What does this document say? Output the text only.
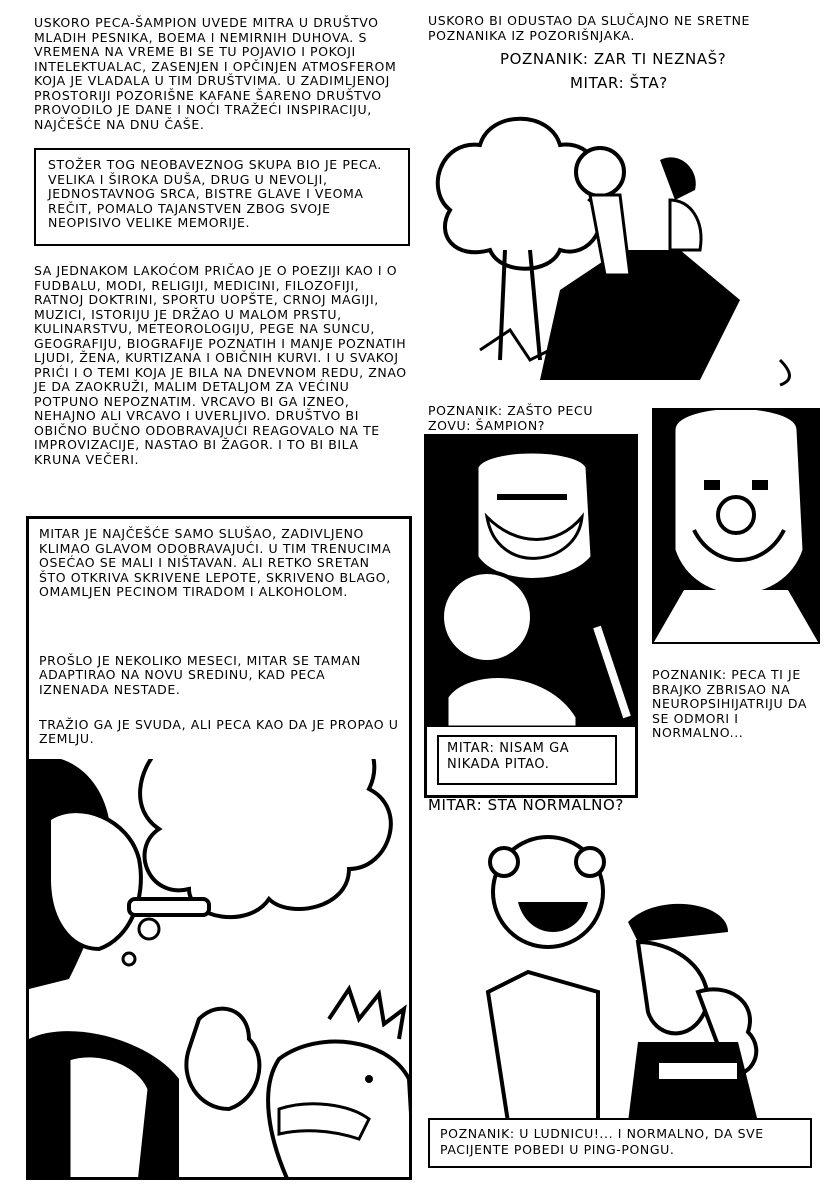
USKORO PECA-ŠAMPION UVEDE MITRA U DRUŠTVO MLADIH PESNIKA, BOEMA I NEMIRNIH DUHOVA. S VREMENA NA VREME BI SE TU POJAVIO I POKOJI INTELEKTUALAC, ZASENJEN I OPČINJEN ATMOSFEROM KOJA JE VLADALA U TIM DRUŠTVIMA. U ZADIMLJENOJ PROSTORIJI POZORIŠNE KAFANE ŠARENO DRUŠTVO PROVODILO JE DANE I NOĆI TRAŽEĆI INSPIRACIJU, NAJČEŠĆE NA DNU ČAŠE.
STOŽER TOG NEOBAVEZNOG SKUPA BIO JE PECA. VELIKA I ŠIROKA DUŠA, DRUG U NEVOLJI, JEDNOSTAVNOG SRCA, BISTRE GLAVE I VEOMA REČIT, POMALO TAJANSTVEN ZBOG SVOJE NEOPISIVO VELIKE MEMORIJE.
SA JEDNAKOM LAKOĆOM PRIČAO JE O POEZIJI KAO I O FUDBALU, MODI, RELIGIJI, MEDICINI, FILOZOFIJI, RATNOJ DOKTRINI, SPORTU UOPŠTE, CRNOJ MAGIJI, MUZICI, ISTORIJU JE DRŽAO U MALOM PRSTU, KULINARSTVU, METEOROLOGIJU, PEGE NA SUNCU, GEOGRAFIJU, BIOGRAFIJE POZNATIH I MANJE POZNATIH LJUDI, ŽENA, KURTIZANA I OBIČNIH KURVI. I U SVAKOJ PRIĆI I O TEMI KOJA JE BILA NA DNEVNOM REDU, ZNAO JE DA ZAOKRUŽI, MALIM DETALJOM ZA VEĆINU POTPUNO NEPOZNATIM. VRCAVO BI GA IZNEO, NEHAJNO ALI VRCAVO I UVERLJIVO. DRUŠTVO BI OBIČNO BUČNO ODOBRAVAJUĆI REAGOVALO NA TE IMPROVIZACIJE, NASTAO BI ŽAGOR. I TO BI BILA KRUNA VEČERI.
MITAR JE NAJČEŠĆE SAMO SLUŠAO, ZADIVLJENO KLIMAO GLAVOM ODOBRAVAJUĆI. U TIM TRENUCIMA OSEĆAO SE MALI I NIŠTAVAN. ALI RETKO SRETAN ŠTO OTKRIVA SKRIVENE LEPOTE, SKRIVENO BLAGO, OMAMLJEN PECINOM TIRADOM I ALKOHOLOM.

PROŠLO JE NEKOLIKO MESECI, MITAR SE TAMAN ADAPTIRAO NA NOVU SREDINU, KAD PECA IZNENADA NESTADE.

TRAŽIO GA JE SVUDA, ALI PECA KAO DA JE PROPAO U ZEMLJU.

USKORO BI ODUSTAO DA SLUČAJNO NE SRETNE POZNANIKA IZ POZORIŠNJAKA.
POZNANIK: ZAR TI NEZNAŠ?
MITAR: ŠTA?
POZNANIK: ZAŠTO PECU ZOVU: ŠAMPION?
MITAR: NISAM GA NIKADA PITAO.
POZNANIK: PECA TI JE BRAJKO ZBRISAO NA NEUROPSIHIJATRIJU DA SE ODMORI I NORMALNO...
MITAR: ŠTA NORMALNO?
POZNANIK: U LUDNICU!... I NORMALNO, DA SVE PACIJENTE POBEDI U PING-PONGU.
